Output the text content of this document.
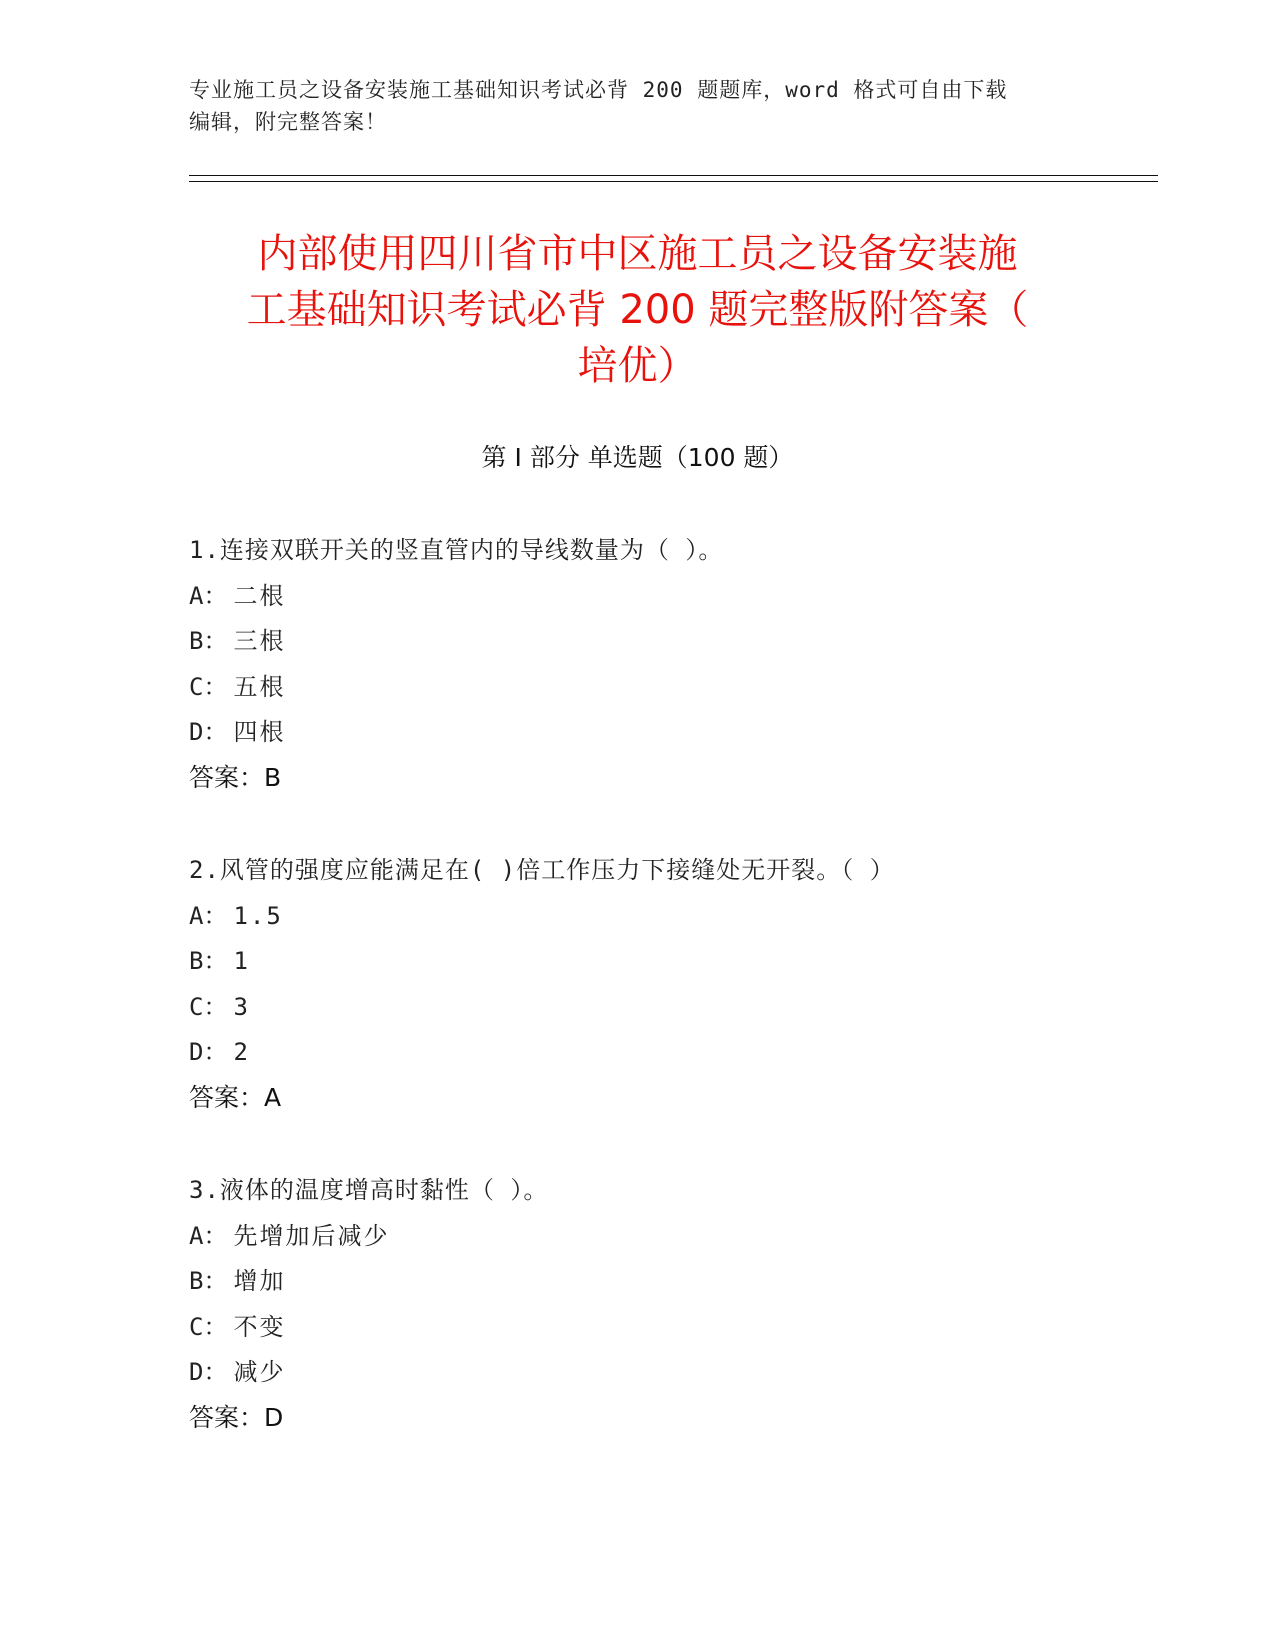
专业施工员之设备安装施工基础知识考试必背 200 题题库，word 格式可自由下载
编辑，附完整答案！
内部使用四川省市中区施工员之设备安装施
工基础知识考试必背 200 题完整版附答案（
培优）
第 I 部分 单选题（100 题）
1.连接双联开关的竖直管内的导线数量为（ ）。
A： 二根
B： 三根
C： 五根
D： 四根
答案：B
2.风管的强度应能满足在( )倍工作压力下接缝处无开裂。（ ）
A： 1.5
B： 1
C： 3
D： 2
答案：A
3.液体的温度增高时黏性（ ）。
A： 先增加后减少
B： 增加
C： 不变
D： 减少
答案：D
